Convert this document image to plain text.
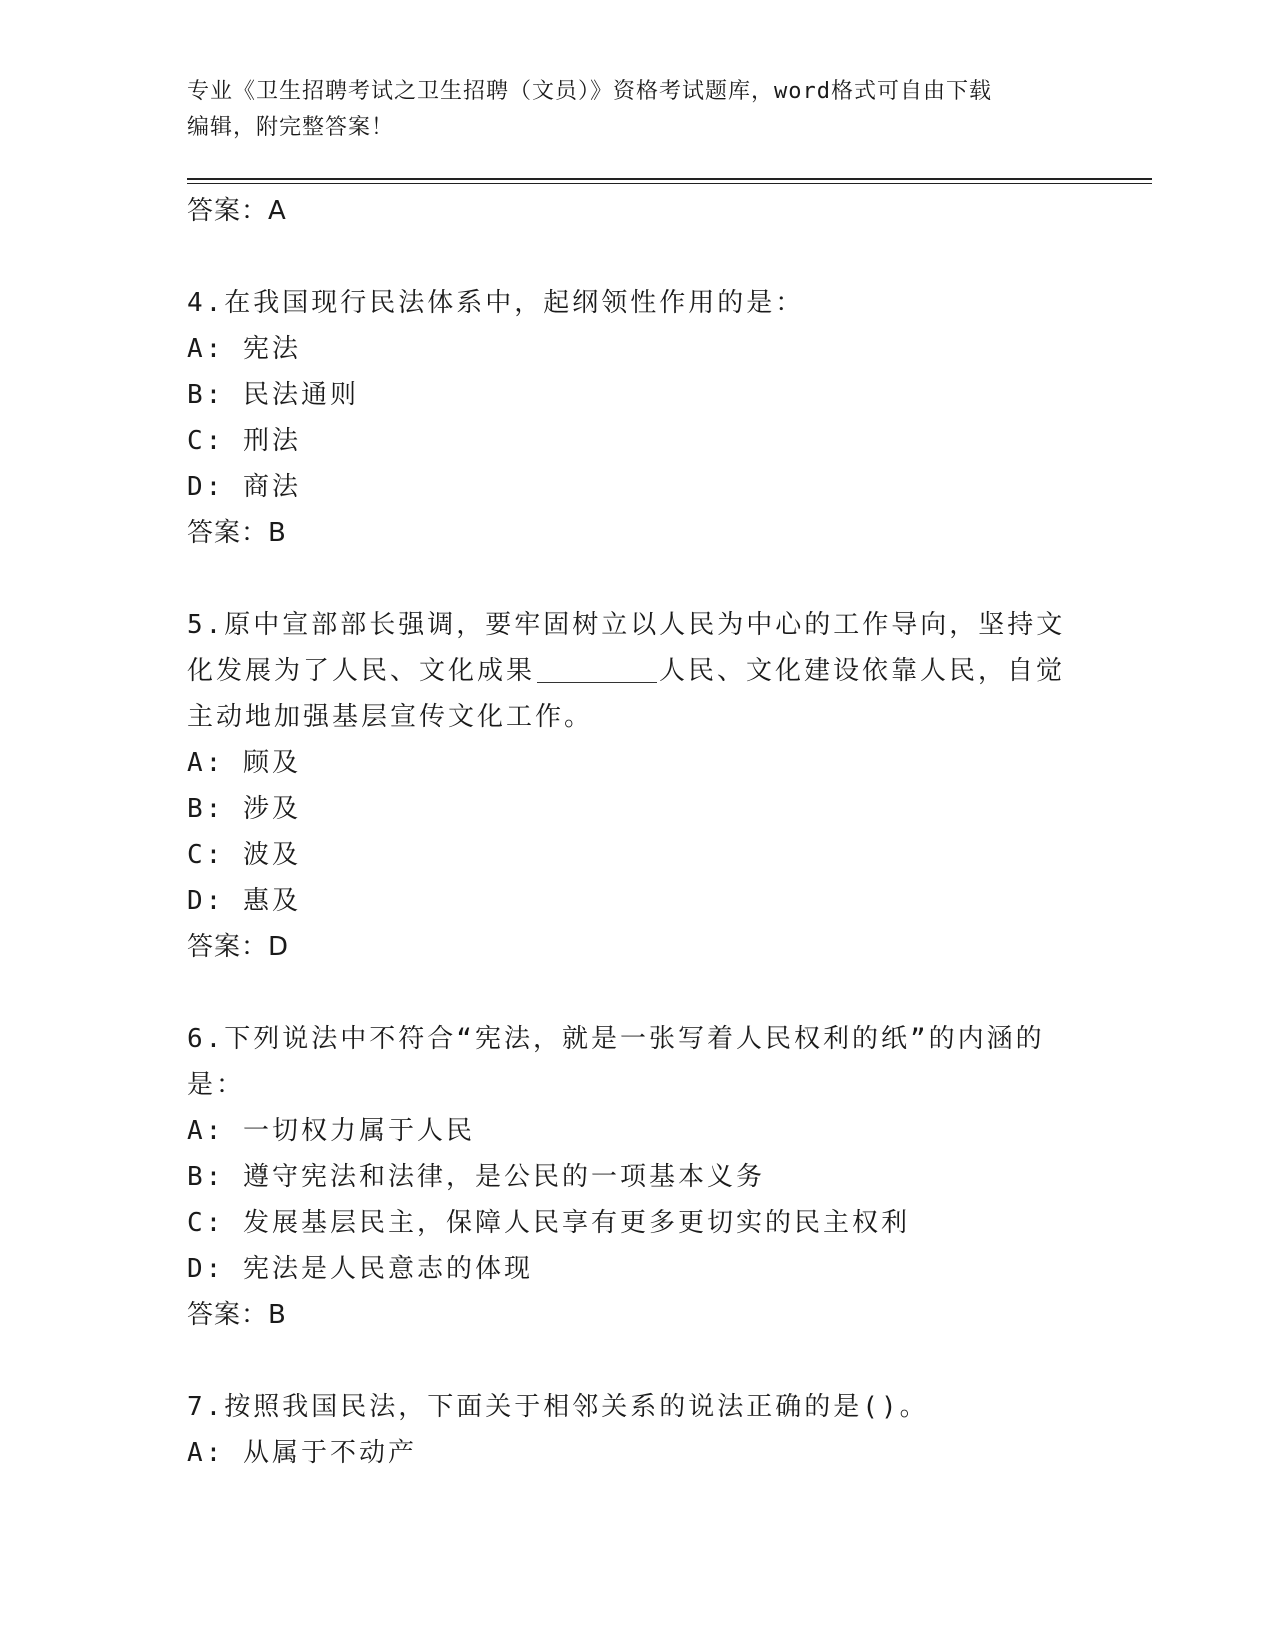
专业《卫生招聘考试之卫生招聘（文员）》资格考试题库，word格式可自由下载
编辑，附完整答案！

答案：A

4.在我国现行民法体系中，起纲领性作用的是：

A: 宪法

B: 民法通则

C: 刑法

D: 商法

答案：B

5.原中宣部部长强调，要牢固树立以人民为中心的工作导向，坚持文化发展为了人民、文化成果	人民、文化建设依靠人民，自觉主动地加强基层宣传文化工作。

A: 顾及

B: 涉及

C: 波及

D: 惠及

答案：D

6.下列说法中不符合“宪法，就是一张写着人民权利的纸”的内涵的是：

A: 一切权力属于人民

B: 遵守宪法和法律，是公民的一项基本义务

C: 发展基层民主，保障人民享有更多更切实的民主权利

D: 宪法是人民意志的体现

答案：B

7.按照我国民法，下面关于相邻关系的说法正确的是()。

A: 从属于不动产
